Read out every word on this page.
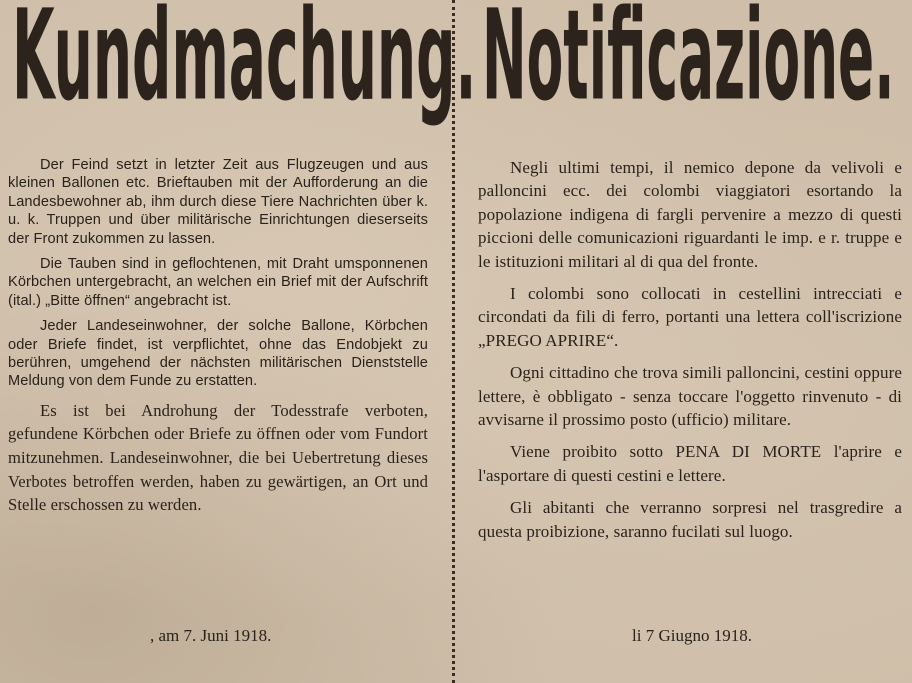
Kundmachung.

Der Feind setzt in letzter Zeit aus Flugzeugen und aus kleinen Ballonen etc. Brieftauben mit der Aufforderung an die Landesbewohner ab, ihm durch diese Tiere Nachrichten über k. u. k. Truppen und über militärische Einrichtungen dieserseits der Front zukommen zu lassen.

Die Tauben sind in geflochtenen, mit Draht umsponnenen Körbchen untergebracht, an welchen ein Brief mit der Aufschrift (ital.) „Bitte öffnen“ angebracht ist.

Jeder Landeseinwohner, der solche Ballone, Körbchen oder Briefe findet, ist verpflichtet, ohne das Endobjekt zu berühren, umgehend der nächsten militärischen Dienststelle Meldung von dem Funde zu erstatten.

Es ist bei Androhung der Todesstrafe verboten, gefundene Körbchen oder Briefe zu öffnen oder vom Fundort mitzunehmen. Landeseinwohner, die bei Uebertretung dieses Verbotes betroffen werden, haben zu gewärtigen, an Ort und Stelle erschossen zu werden.

, am 7. Juni 1918.

Notificazione.

Negli ultimi tempi, il nemico depone da velivoli e palloncini ecc. dei colombi viaggiatori esortando la popolazione indigena di fargli pervenire a mezzo di questi piccioni delle comunicazioni riguardanti le imp. e r. truppe e le istituzioni militari al di qua del fronte.

I colombi sono collocati in cestellini intrecciati e circondati da fili di ferro, portanti una lettera coll'iscrizione „PREGO APRIRE“.

Ogni cittadino che trova simili palloncini, cestini oppure lettere, è obbligato - senza toccare l'oggetto rinvenuto - di avvisarne il prossimo posto (ufficio) militare.

Viene proibito sotto PENA DI MORTE l'aprire e l'asportare di questi cestini e lettere.

Gli abitanti che verranno sorpresi nel trasgredire a questa proibizione, saranno fucilati sul luogo.

li 7 Giugno 1918.
